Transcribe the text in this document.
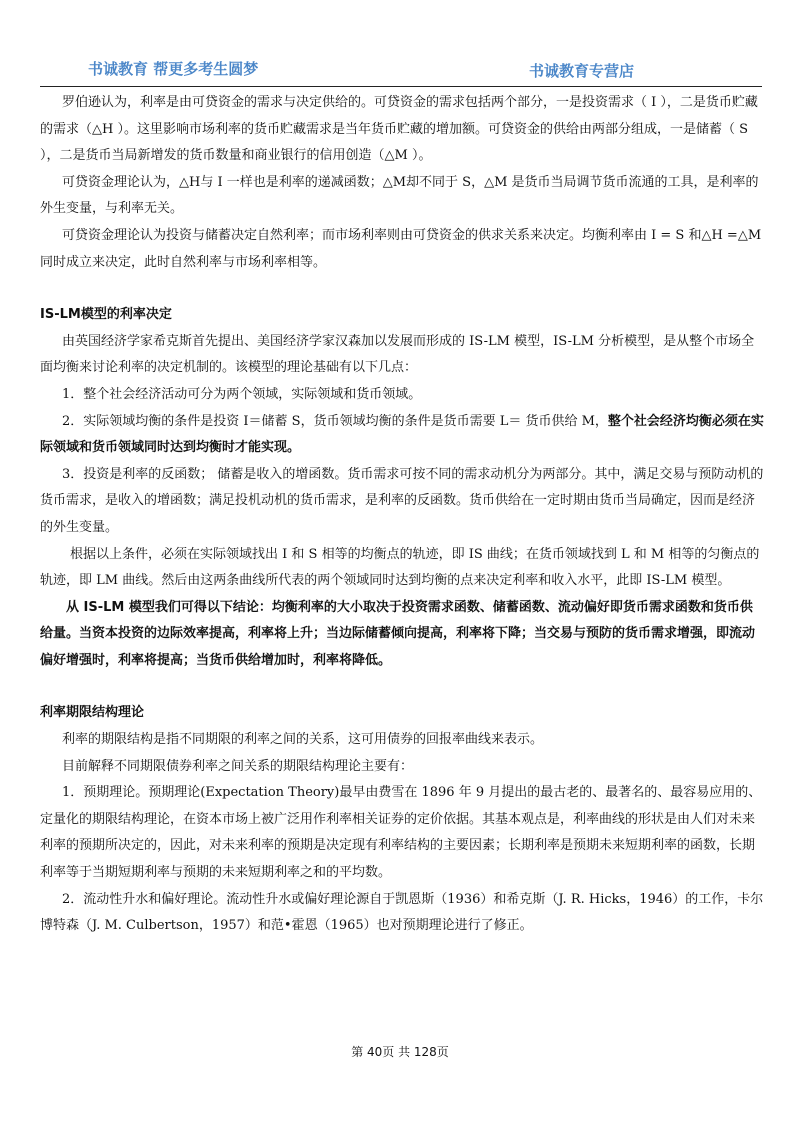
书诚教育 帮更多考生圆梦	书诚教育专营店

罗伯逊认为，利率是由可贷资金的需求与决定供给的。可贷资金的需求包括两个部分，一是投资需求（ I ），二是货币贮藏的需求（△H ）。这里影响市场利率的货币贮藏需求是当年货币贮藏的增加额。可贷资金的供给由两部分组成，一是储蓄（ S ），二是货币当局新增发的货币数量和商业银行的信用创造（△M ）。

可贷资金理论认为，△H与 I 一样也是利率的递减函数；△M却不同于 S，△M 是货币当局调节货币流通的工具，是利率的外生变量，与利率无关。

可贷资金理论认为投资与储蓄决定自然利率；而市场利率则由可贷资金的供求关系来决定。均衡利率由 I = S 和△H =△M 同时成立来决定，此时自然利率与市场利率相等。

IS-LM模型的利率决定

由英国经济学家希克斯首先提出、美国经济学家汉森加以发展而形成的 IS-LM 模型，IS-LM 分析模型，是从整个市场全面均衡来讨论利率的决定机制的。该模型的理论基础有以下几点：

1．整个社会经济活动可分为两个领域，实际领域和货币领域。

2．实际领域均衡的条件是投资 I＝储蓄 S，货币领域均衡的条件是货币需要 L＝ 货币供给 M，整个社会经济均衡必须在实际领域和货币领域同时达到均衡时才能实现。

3．投资是利率的反函数； 储蓄是收入的增函数。货币需求可按不同的需求动机分为两部分。其中，满足交易与预防动机的货币需求，是收入的增函数；满足投机动机的货币需求，是利率的反函数。货币供给在一定时期由货币当局确定，因而是经济的外生变量。

根据以上条件，必须在实际领域找出 I 和 S 相等的均衡点的轨迹，即 IS 曲线；在货币领域找到 L 和 M 相等的匀衡点的轨迹，即 LM 曲线。然后由这两条曲线所代表的两个领域同时达到均衡的点来决定利率和收入水平，此即 IS-LM 模型。

从 IS-LM 模型我们可得以下结论：均衡利率的大小取决于投资需求函数、储蓄函数、流动偏好即货币需求函数和货币供给量。当资本投资的边际效率提高，利率将上升；当边际储蓄倾向提高，利率将下降；当交易与预防的货币需求增强，即流动偏好增强时，利率将提高；当货币供给增加时，利率将降低。

利率期限结构理论

利率的期限结构是指不同期限的利率之间的关系，这可用债券的回报率曲线来表示。

目前解释不同期限债券利率之间关系的期限结构理论主要有：

1．预期理论。预期理论(Expectation Theory)最早由费雪在 1896 年 9 月提出的最古老的、最著名的、最容易应用的、定量化的期限结构理论，在资本市场上被广泛用作利率相关证券的定价依据。其基本观点是，利率曲线的形状是由人们对未来利率的预期所决定的，因此，对未来利率的预期是决定现有利率结构的主要因素；长期利率是预期未来短期利率的函数，长期利率等于当期短期利率与预期的未来短期利率之和的平均数。

2．流动性升水和偏好理论。流动性升水或偏好理论源自于凯恩斯（1936）和希克斯（J. R. Hicks，1946）的工作，卡尔博特森（J. M. Culbertson，1957）和范•霍恩（1965）也对预期理论进行了修正。

第 40页 共 128页
